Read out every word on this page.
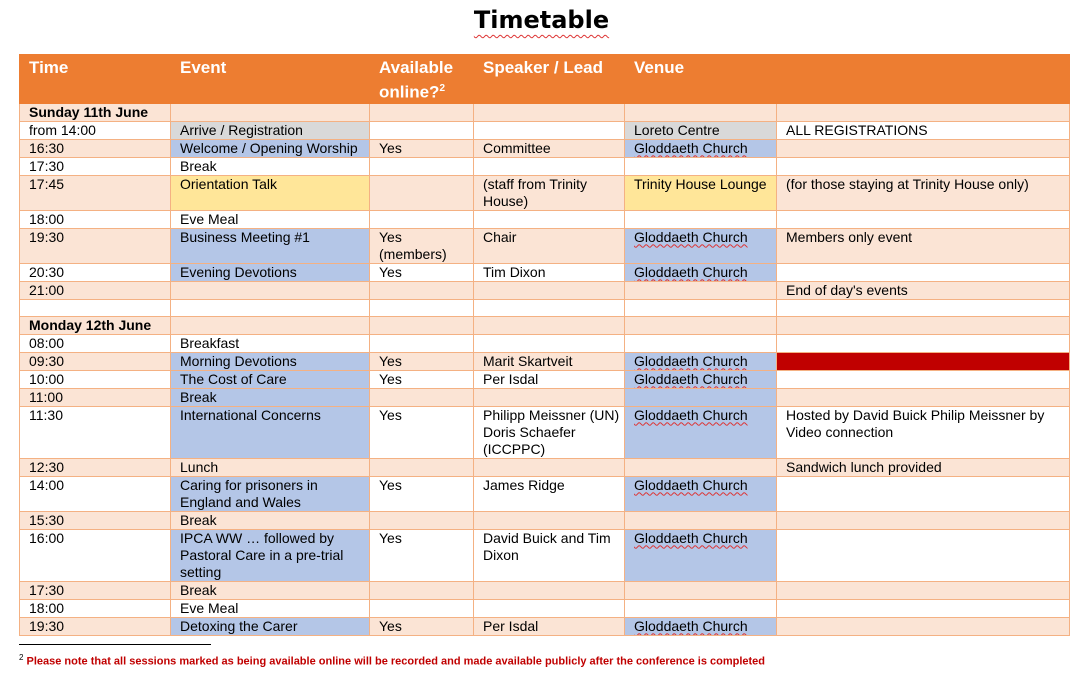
Timetable
Time	Event	Available online?$^2$	Speaker / Lead	Venue	
Sunday 11th June					
from 14:00	Arrive / Registration			Loreto Centre	ALL REGISTRATIONS
16:30	Welcome / Opening Worship	Yes	Committee	Gloddaeth Church	
17:30	Break				
17:45	Orientation Talk		(staff from Trinity House)	Trinity House Lounge	(for those staying at Trinity House only)
18:00	Eve Meal				
19:30	Business Meeting #1	Yes (members)	Chair	Gloddaeth Church	Members only event
20:30	Evening Devotions	Yes	Tim Dixon	Gloddaeth Church	
21:00					End of day's events

Monday 12th June					
08:00	Breakfast				
09:30	Morning Devotions	Yes	Marit Skartveit	Gloddaeth Church	
10:00	The Cost of Care	Yes	Per Isdal	Gloddaeth Church	
11:00	Break				
11:30	International Concerns	Yes	Philipp Meissner (UN) Doris Schaefer (ICCPPC)	Gloddaeth Church	Hosted by David Buick Philip Meissner by Video connection
12:30	Lunch				Sandwich lunch provided
14:00	Caring for prisoners in England and Wales	Yes	James Ridge	Gloddaeth Church	
15:30	Break				
16:00	IPCA WW … followed by Pastoral Care in a pre-trial setting	Yes	David Buick and Tim Dixon	Gloddaeth Church	
17:30	Break				
18:00	Eve Meal				
19:30	Detoxing the Carer	Yes	Per Isdal	Gloddaeth Church	
$^2$ Please note that all sessions marked as being available online will be recorded and made available publicly after the conference is completed
